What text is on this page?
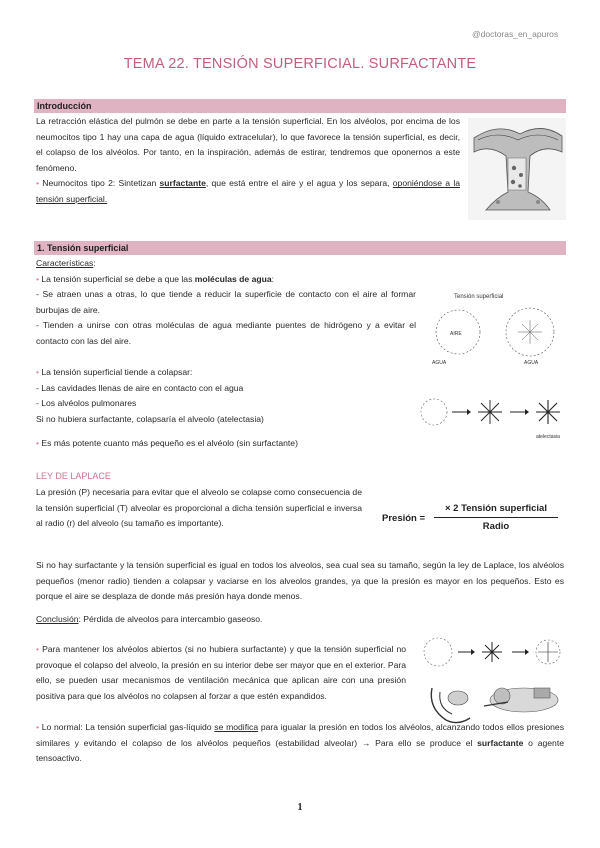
@doctoras_en_apuros
TEMA 22. TENSIÓN SUPERFICIAL. SURFACTANTE
Introducción
La retracción elástica del pulmón se debe en parte a la tensión superficial. En los alvéolos, por encima de los neumocitos tipo 1 hay una capa de agua (líquido extracelular), lo que favorece la tensión superficial, es decir, el colapso de los alvéolos. Por tanto, en la inspiración, además de estirar, tendremos que oponernos a este fenómeno.
• Neumocitos tipo 2: Sintetizan surfactante, que está entre el aire y el agua y los separa, oponiéndose a la tensión superficial.
1. Tensión superficial
Características:
• La tensión superficial se debe a que las moléculas de agua:
- Se atraen unas a otras, lo que tiende a reducir la superficie de contacto con el aire al formar burbujas de aire.
- Tienden a unirse con otras moléculas de agua mediante puentes de hidrógeno y a evitar el contacto con las del aire.
• La tensión superficial tiende a colapsar:
- Las cavidades llenas de aire en contacto con el agua
- Los alvéolos pulmonares
Si no hubiera surfactante, colapsaría el alveolo (atelectasia)
• Es más potente cuanto más pequeño es el alvéolo (sin surfactante)
Tensión superficial
AIRE
AGUA	AGUA
atelectasia
LEY DE LAPLACE
La presión (P) necesaria para evitar que el alveolo se colapse como consecuencia de la tensión superficial (T) alveolar es proporcional a dicha tensión superficial e inversa al radio (r) del alveolo (su tamaño es importante).	Presión =
× 2 Tensión superficial
Radio
Si no hay surfactante y la tensión superficial es igual en todos los alveolos, sea cual sea su tamaño, según la ley de Laplace, los alvéolos pequeños (menor radio) tienden a colapsar y vaciarse en los alveolos grandes, ya que la presión es mayor en los pequeños. Esto es porque el aire se desplaza de donde más presión haya donde menos.
Conclusión: Pérdida de alveolos para intercambio gaseoso.
• Para mantener los alvéolos abiertos (si no hubiera surfactante) y que la tensión superficial no provoque el colapso del alveolo, la presión en su interior debe ser mayor que en el exterior. Para ello, se pueden usar mecanismos de ventilación mecánica que aplican aire con una presión positiva para que los alvéolos no colapsen al forzar a que estén expandidos.
• Lo normal: La tensión superficial gas-líquido se modifica para igualar la presión en todos los alvéolos, alcanzando todos ellos presiones similares y evitando el colapso de los alvéolos pequeños (estabilidad alveolar) → Para ello se produce el surfactante o agente tensoactivo.
1
